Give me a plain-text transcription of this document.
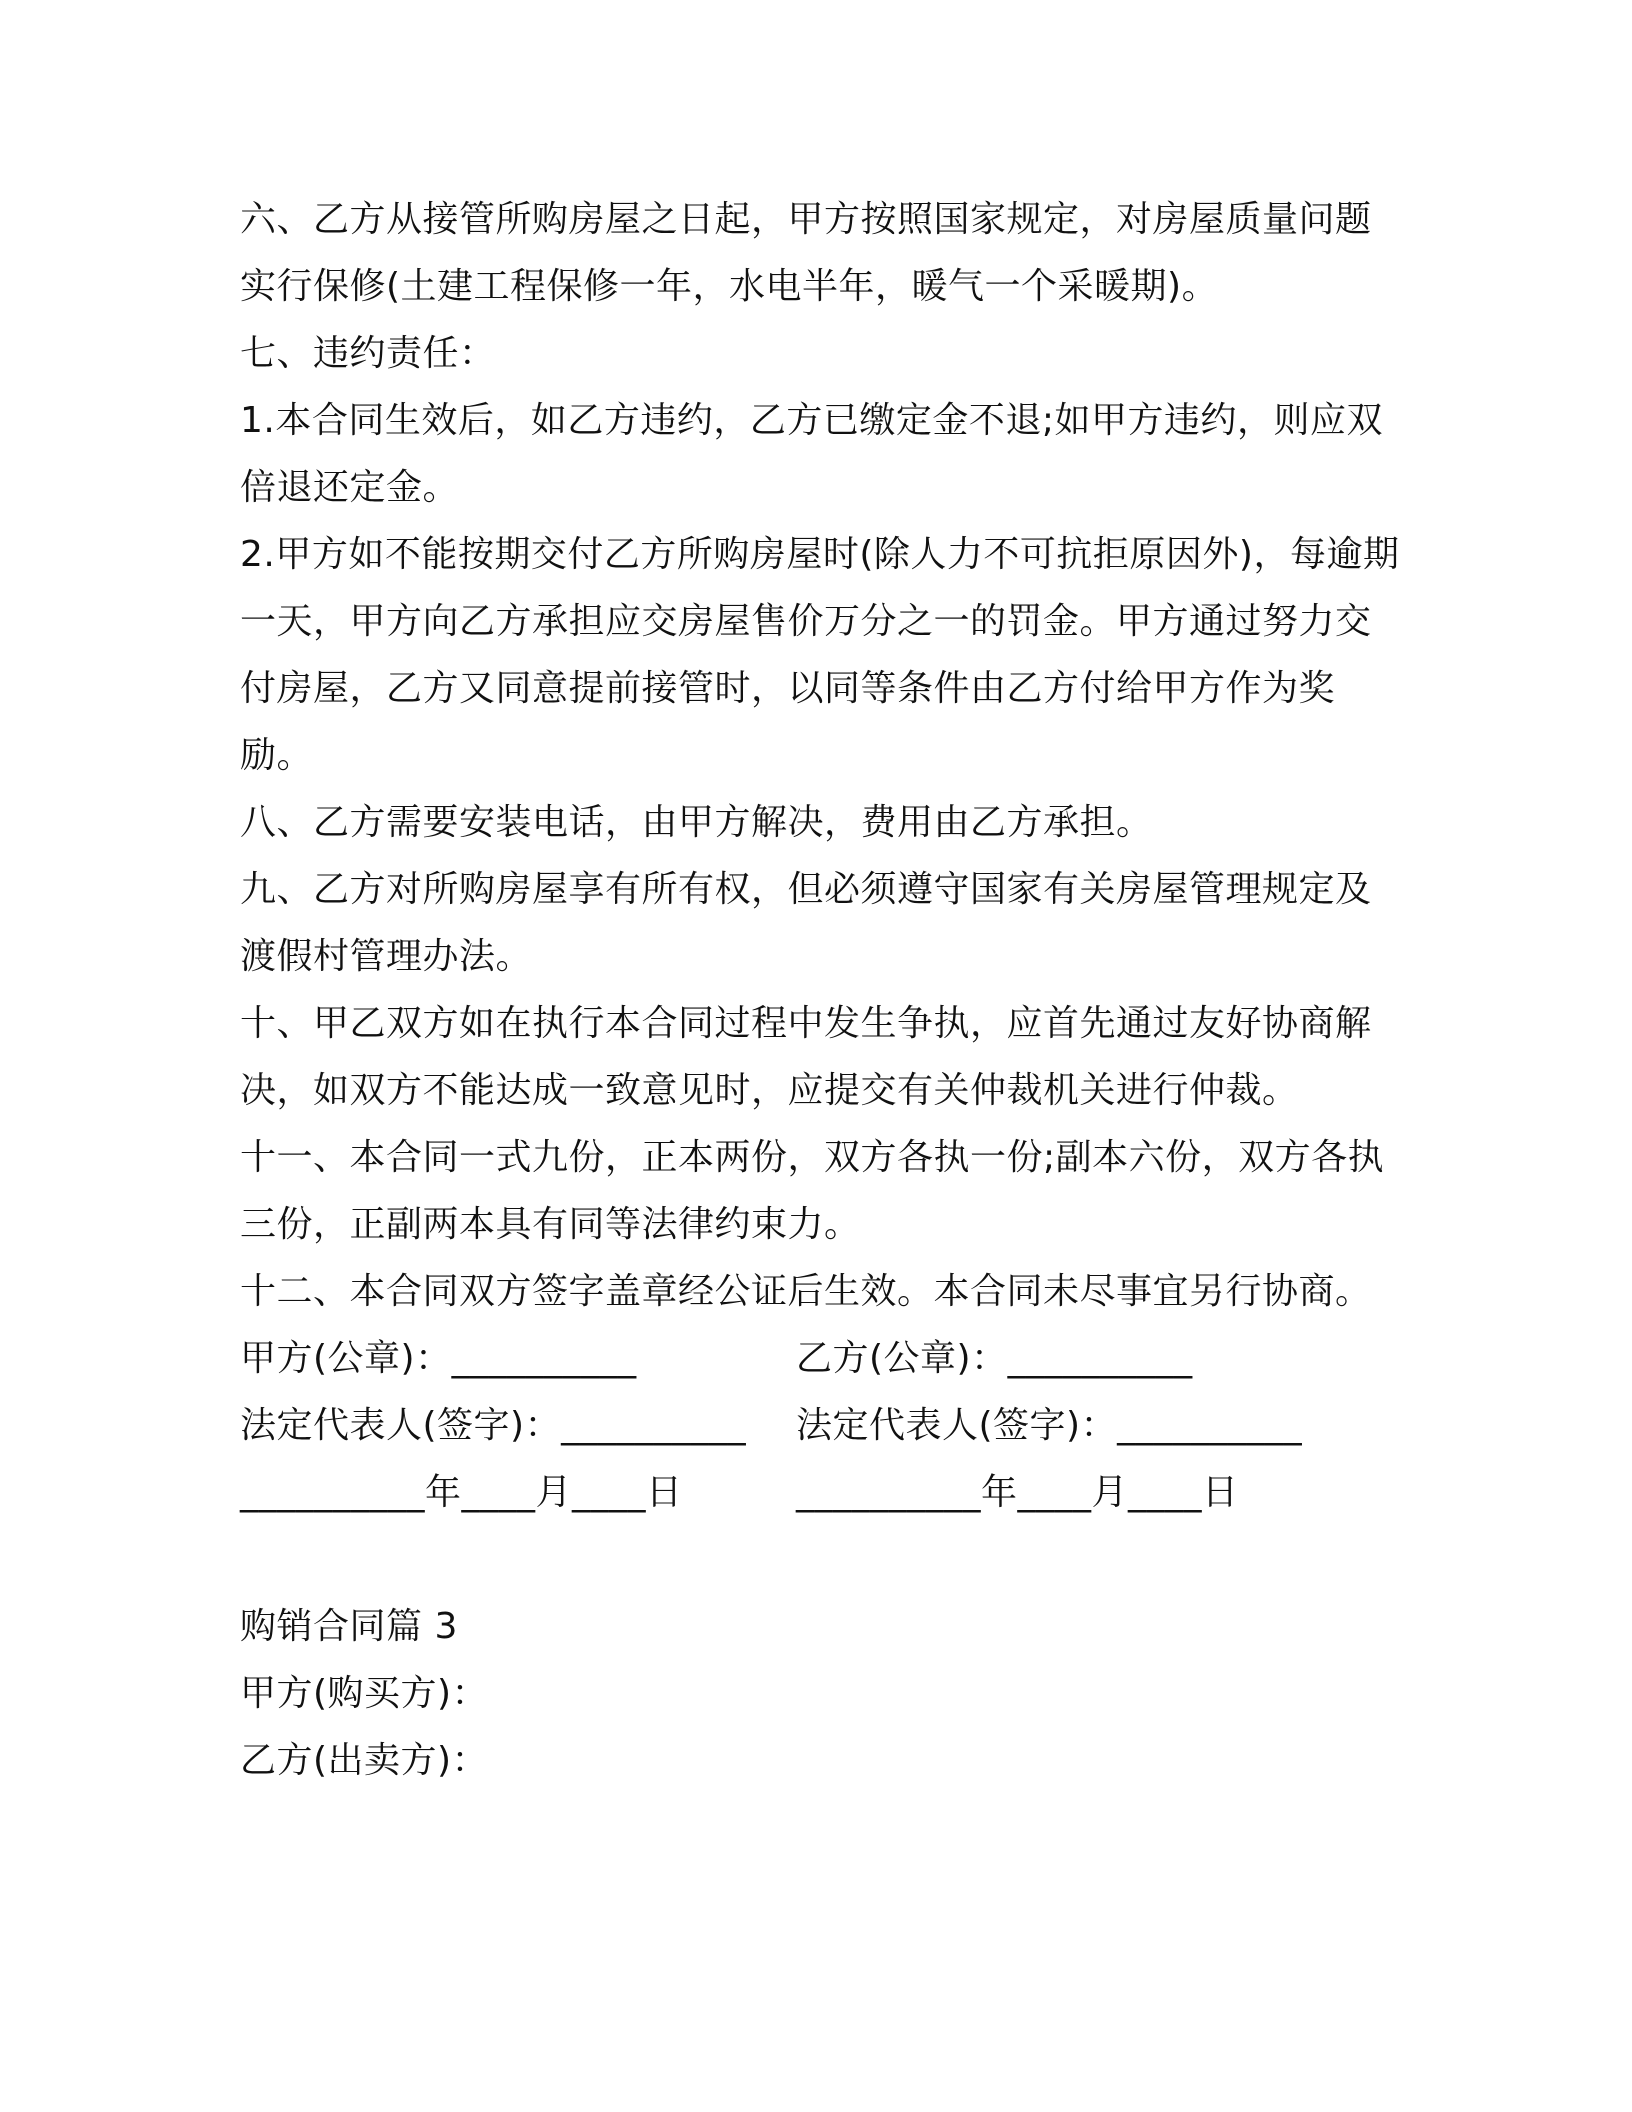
六、乙方从接管所购房屋之日起，甲方按照国家规定，对房屋质量问题实行保修(土建工程保修一年，水电半年，暖气一个采暖期)。

七、违约责任：

1.本合同生效后，如乙方违约，乙方已缴定金不退;如甲方违约，则应双倍退还定金。

2.甲方如不能按期交付乙方所购房屋时(除人力不可抗拒原因外)，每逾期一天，甲方向乙方承担应交房屋售价万分之一的罚金。甲方通过努力交付房屋，乙方又同意提前接管时，以同等条件由乙方付给甲方作为奖励。

八、乙方需要安装电话，由甲方解决，费用由乙方承担。

九、乙方对所购房屋享有所有权，但必须遵守国家有关房屋管理规定及渡假村管理办法。

十、甲乙双方如在执行本合同过程中发生争执，应首先通过友好协商解决，如双方不能达成一致意见时，应提交有关仲裁机关进行仲裁。

十一、本合同一式九份，正本两份，双方各执一份;副本六份，双方各执三份，正副两本具有同等法律约束力。

十二、本合同双方签字盖章经公证后生效。本合同未尽事宜另行协商。

甲方(公章)：__________	乙方(公章)：__________
法定代表人(签字)：__________	法定代表人(签字)：__________
__________年____月____日	__________年____月____日

购销合同篇 3

甲方(购买方)：

乙方(出卖方)：
